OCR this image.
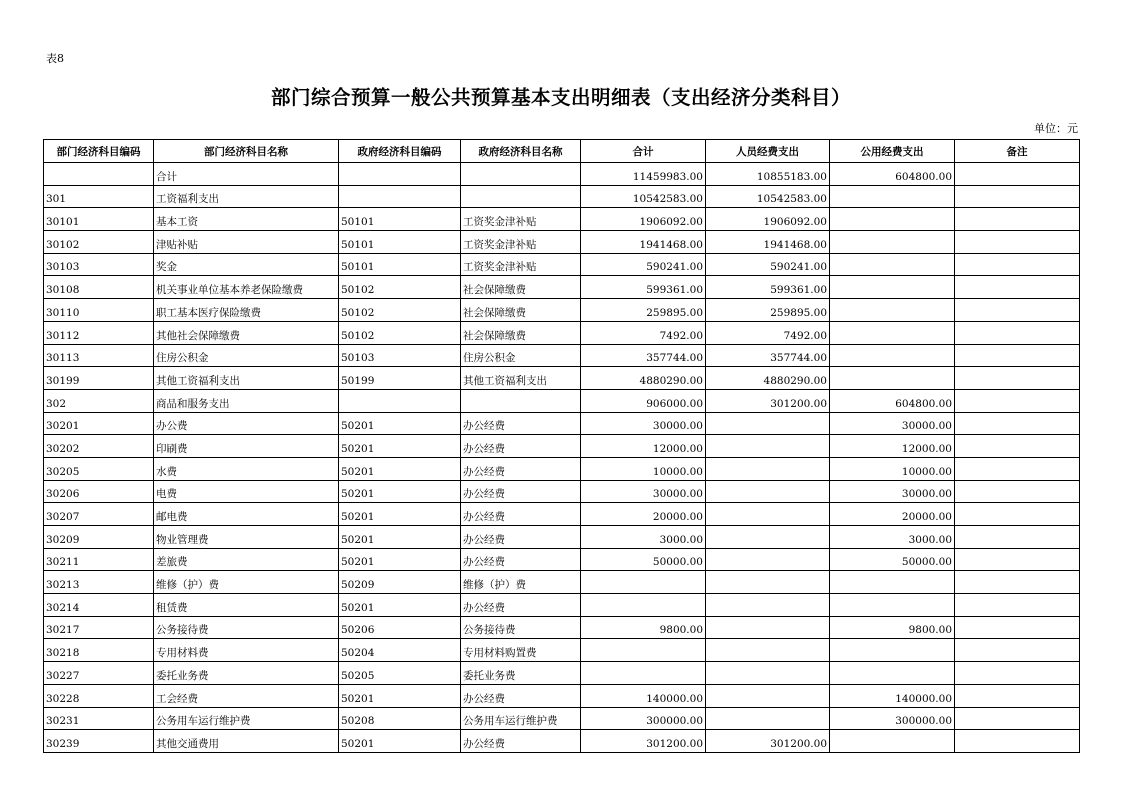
表8
部门综合预算一般公共预算基本支出明细表（支出经济分类科目）
单位：元
部门经济科目编码	部门经济科目名称	政府经济科目编码	政府经济科目名称	合计	人员经费支出	公用经费支出	备注
	合计			11459983.00	10855183.00	604800.00	
301	工资福利支出			10542583.00	10542583.00		
30101	基本工资	50101	工资奖金津补贴	1906092.00	1906092.00		
30102	津贴补贴	50101	工资奖金津补贴	1941468.00	1941468.00		
30103	奖金	50101	工资奖金津补贴	590241.00	590241.00		
30108	机关事业单位基本养老保险缴费	50102	社会保障缴费	599361.00	599361.00		
30110	职工基本医疗保险缴费	50102	社会保障缴费	259895.00	259895.00		
30112	其他社会保障缴费	50102	社会保障缴费	7492.00	7492.00		
30113	住房公积金	50103	住房公积金	357744.00	357744.00		
30199	其他工资福利支出	50199	其他工资福利支出	4880290.00	4880290.00		
302	商品和服务支出			906000.00	301200.00	604800.00	
30201	办公费	50201	办公经费	30000.00		30000.00	
30202	印刷费	50201	办公经费	12000.00		12000.00	
30205	水费	50201	办公经费	10000.00		10000.00	
30206	电费	50201	办公经费	30000.00		30000.00	
30207	邮电费	50201	办公经费	20000.00		20000.00	
30209	物业管理费	50201	办公经费	3000.00		3000.00	
30211	差旅费	50201	办公经费	50000.00		50000.00	
30213	维修（护）费	50209	维修（护）费				
30214	租赁费	50201	办公经费				
30217	公务接待费	50206	公务接待费	9800.00		9800.00	
30218	专用材料费	50204	专用材料购置费				
30227	委托业务费	50205	委托业务费				
30228	工会经费	50201	办公经费	140000.00		140000.00	
30231	公务用车运行维护费	50208	公务用车运行维护费	300000.00		300000.00	
30239	其他交通费用	50201	办公经费	301200.00	301200.00		
